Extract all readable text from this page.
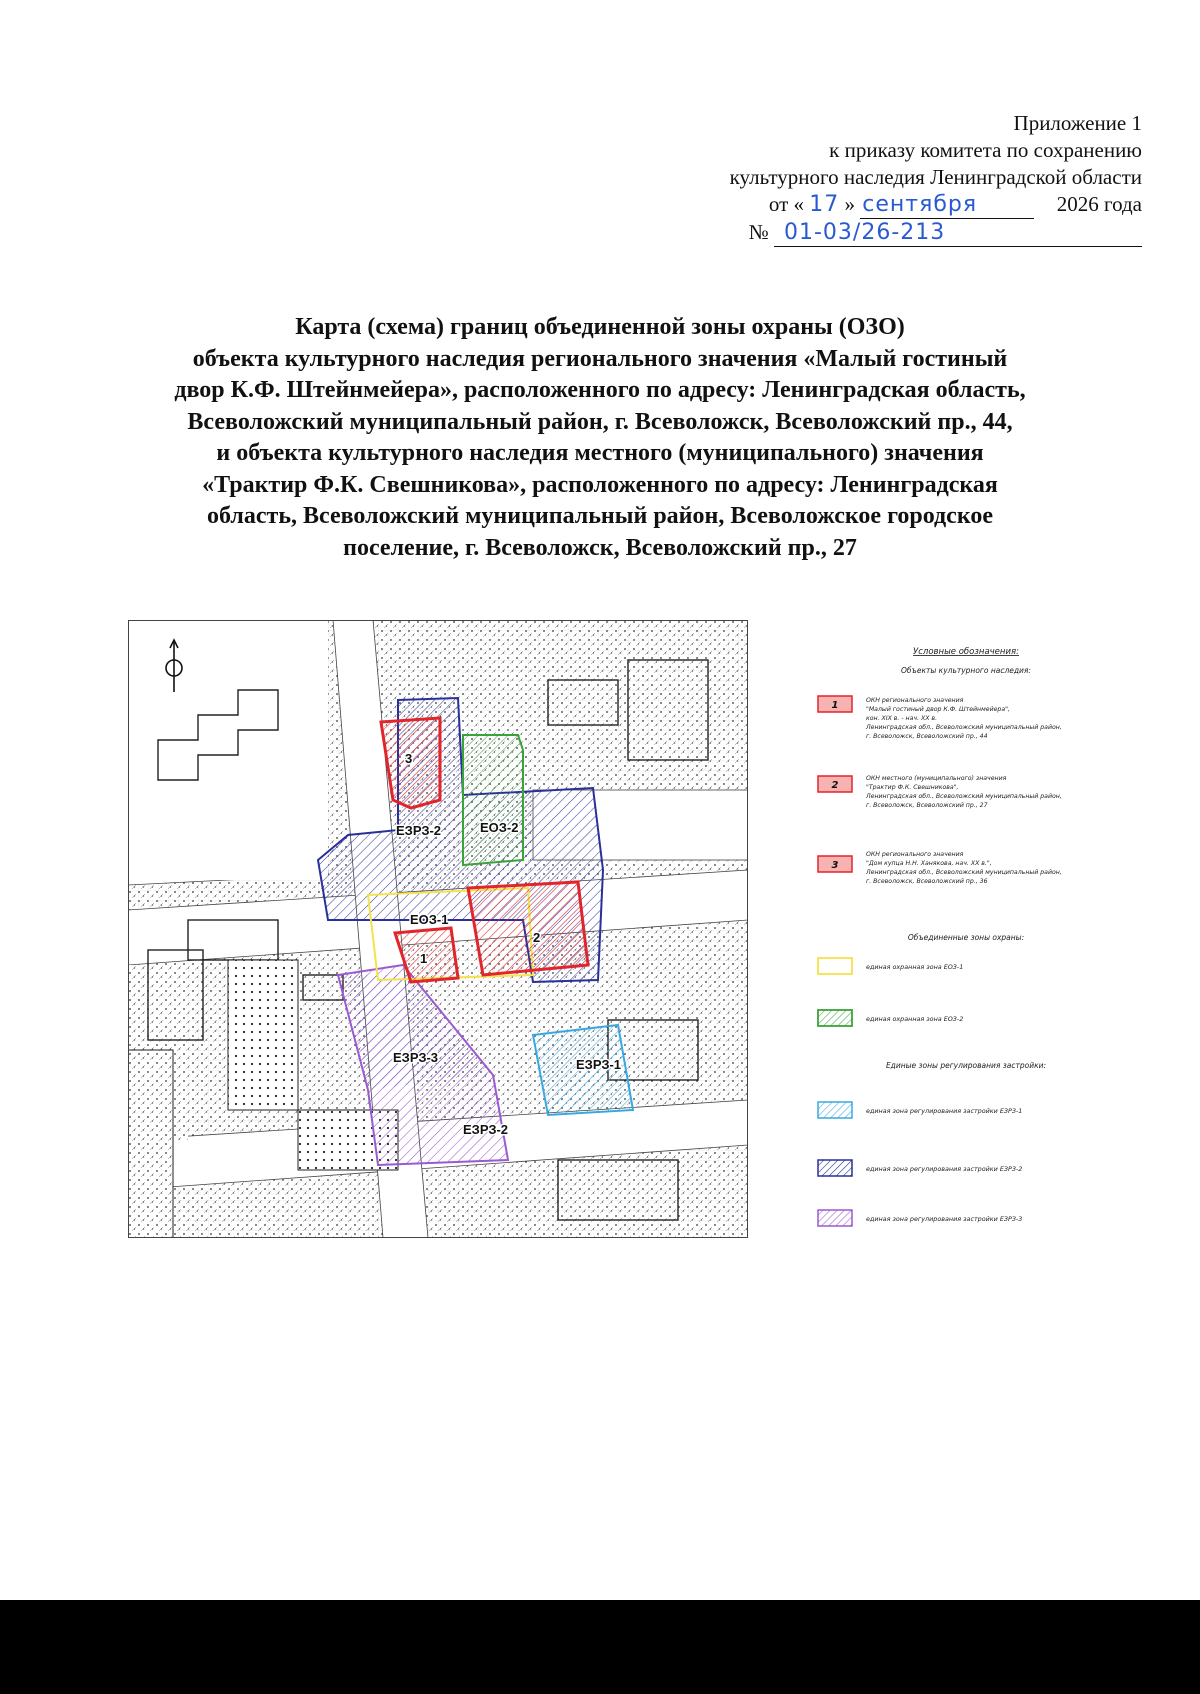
Приложение 1
к приказу комитета по сохранению
культурного наследия Ленинградской области
от « 17 » сентября	2026 года
№ 01-03/26-213
Карта (схема) границ объединенной зоны охраны (ОЗО)
объекта культурного наследия регионального значения «Малый гостиный
двор К.Ф. Штейнмейера», расположенного по адресу: Ленинградская область,
Всеволожский муниципальный район, г. Всеволожск, Всеволожский пр., 44,
и объекта культурного наследия местного (муниципального) значения
«Трактир Ф.К. Свешникова», расположенного по адресу: Ленинградская
область, Всеволожский муниципальный район, Всеволожское городское
поселение, г. Всеволожск, Всеволожский пр., 27
ЕЗРЗ-2	ЕОЗ-2
ЕОЗ-1
ЕЗРЗ-3	ЕЗРЗ-1
ЕЗРЗ-2
2
1
3
Условные обозначения:
Объекты культурного наследия:
1	ОКН регионального значения
"Малый гостиный двор К.Ф. Штейнмейера",
кон. XIX в. - нач. XX в.
Ленинградская обл., Всеволожский муниципальный район,
г. Всеволожск, Всеволожский пр., 44
2
ОКН местного (муниципального) значения
"Трактир Ф.К. Свешникова",
Ленинградская обл., Всеволожский муниципальный район,
г. Всеволожск, Всеволожский пр., 27
3
ОКН регионального значения
"Дом купца Н.Н. Ханякова, нач. XX в.",
Ленинградская обл., Всеволожский муниципальный район,
г. Всеволожск, Всеволожский пр., 36
Объединенные зоны охраны:
единая охранная зона ЕОЗ-1
единая охранная зона ЕОЗ-2
Единые зоны регулирования застройки:
единая зона регулирования застройки ЕЗРЗ-1
единая зона регулирования застройки ЕЗРЗ-2
единая зона регулирования застройки ЕЗРЗ-3
